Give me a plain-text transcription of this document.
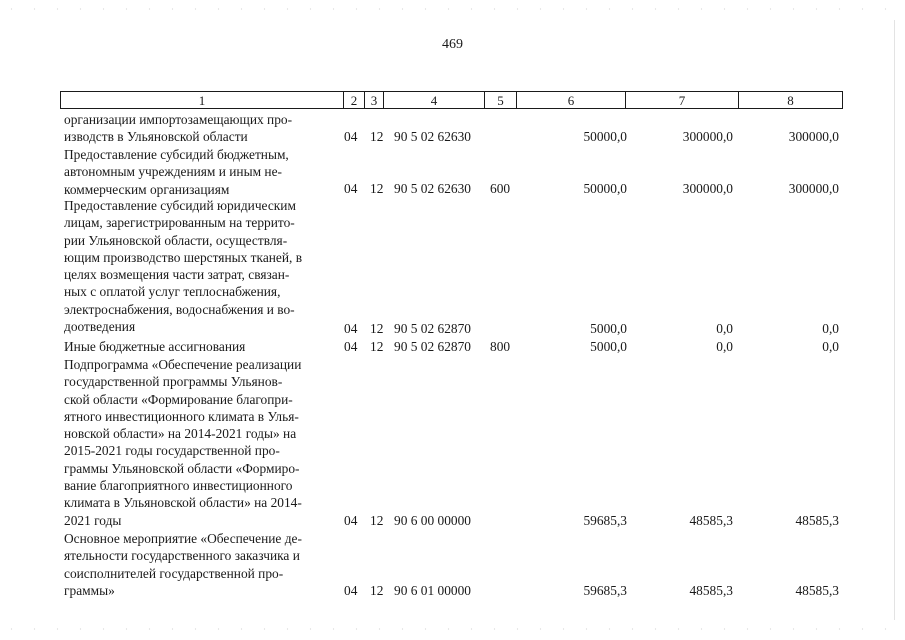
469
1	2	3	4	5	6	7	8
организации импортозамещающих про-
изводств в Ульяновской области	04 12 90 5 02 62630	50000,0	300000,0	300000,0
Предоставление субсидий бюджетным,
автономным учреждениям и иным не-
коммерческим организациям	04 12 90 5 02 62630 600	50000,0	300000,0	300000,0
Предоставление субсидий юридическим
лицам, зарегистрированным на террито-
рии Ульяновской области, осуществля-
ющим производство шерстяных тканей, в
целях возмещения части затрат, связан-
ных с оплатой услуг теплоснабжения,
электроснабжения, водоснабжения и во-
доотведения	04 12 90 5 02 62870	5000,0	0,0	0,0
Иные бюджетные ассигнования	04 12 90 5 02 62870 800	5000,0	0,0	0,0
Подпрограмма «Обеспечение реализации
государственной программы Ульянов-
ской области «Формирование благопри-
ятного инвестиционного климата в Улья-
новской области» на 2014-2021 годы» на
2015-2021 годы государственной про-
граммы Ульяновской области «Формиро-
вание благоприятного инвестиционного
климата в Ульяновской области» на 2014-
2021 годы	04 12 90 6 00 00000	59685,3	48585,3	48585,3
Основное мероприятие «Обеспечение де-
ятельности государственного заказчика и
соисполнителей государственной про-
граммы»	04 12 90 6 01 00000	59685,3	48585,3	48585,3
